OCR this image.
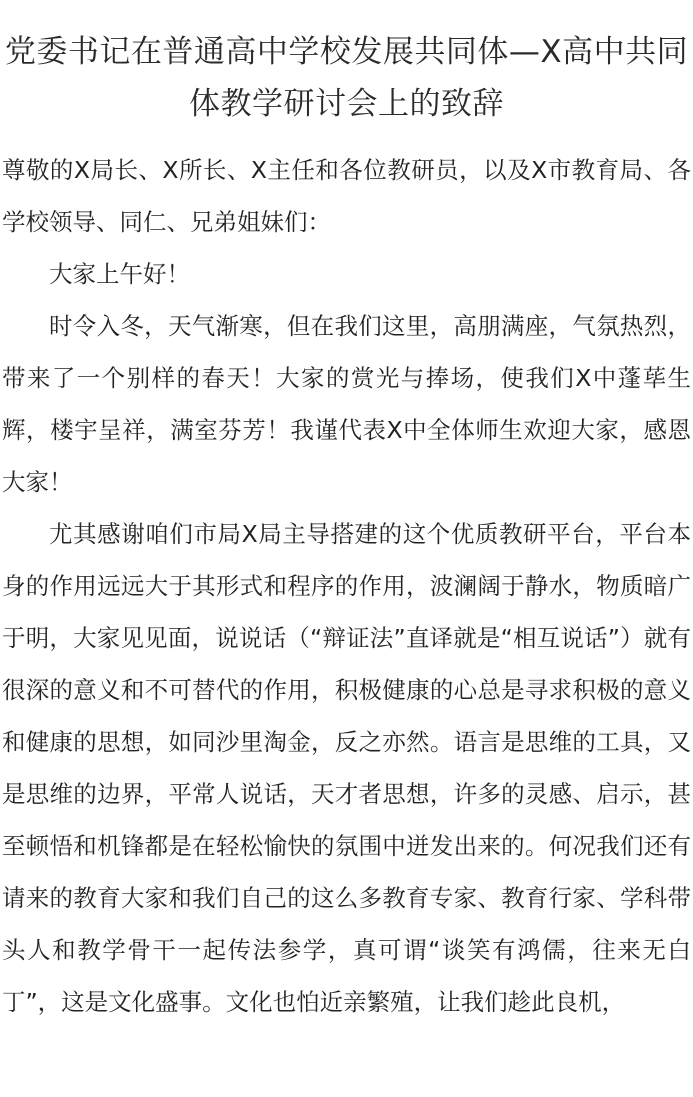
党委书记在普通高中学校发展共同体—X高中共同体教学研讨会上的致辞

尊敬的X局长、X所长、X主任和各位教研员，以及X市教育局、各学校领导、同仁、兄弟姐妹们：

大家上午好！

时令入冬，天气渐寒，但在我们这里，高朋满座，气氛热烈，带来了一个别样的春天！大家的赏光与捧场，使我们X中蓬荜生辉，楼宇呈祥，满室芬芳！我谨代表X中全体师生欢迎大家，感恩大家！

尤其感谢咱们市局X局主导搭建的这个优质教研平台，平台本身的作用远远大于其形式和程序的作用，波澜阔于静水，物质暗广于明，大家见见面，说说话（“辩证法”直译就是“相互说话”）就有很深的意义和不可替代的作用，积极健康的心总是寻求积极的意义和健康的思想，如同沙里淘金，反之亦然。语言是思维的工具，又是思维的边界，平常人说话，天才者思想，许多的灵感、启示，甚至顿悟和机锋都是在轻松愉快的氛围中迸发出来的。何况我们还有请来的教育大家和我们自己的这么多教育专家、教育行家、学科带头人和教学骨干一起传法参学，真可谓“谈笑有鸿儒，往来无白丁”，这是文化盛事。文化也怕近亲繁殖，让我们趁此良机，
